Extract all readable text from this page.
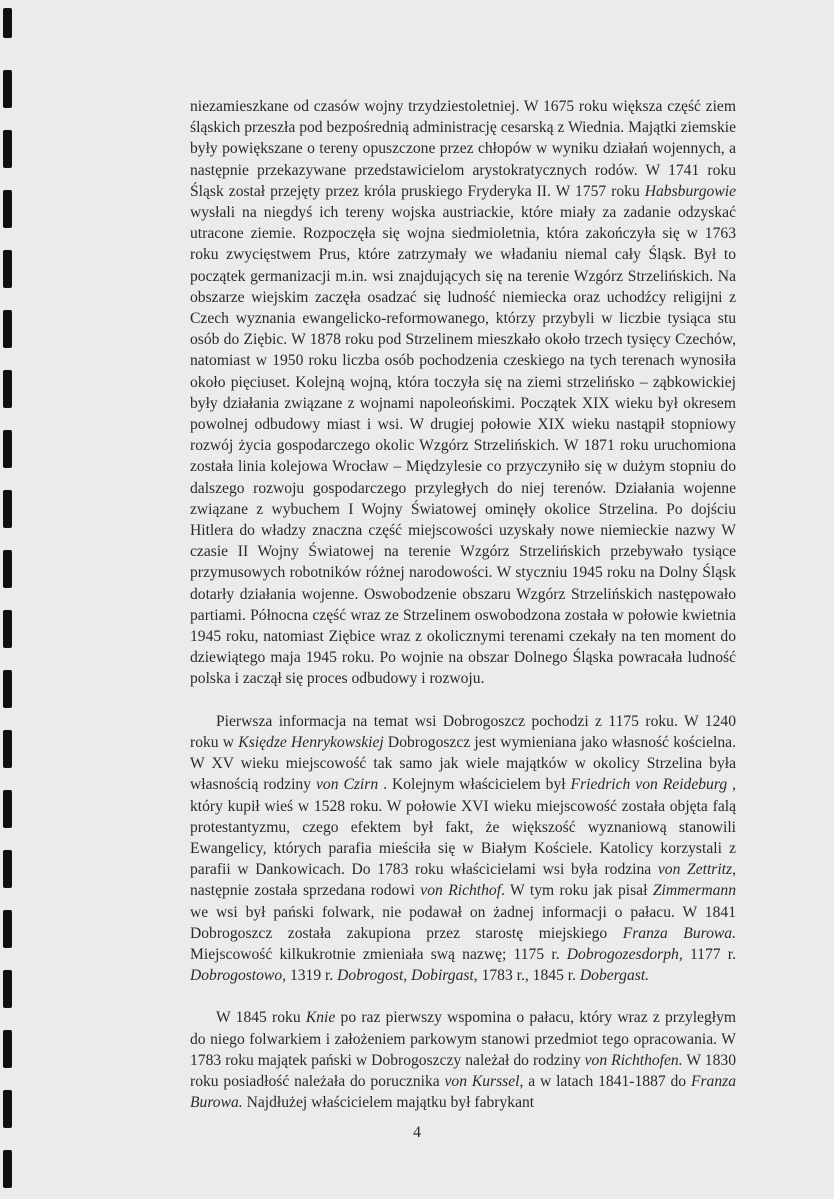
niezamieszkane od czasów wojny trzydziestoletniej. W 1675 roku większa część ziem śląskich przeszła pod bezpośrednią administrację cesarską z Wiednia. Majątki ziemskie były powiększane o tereny opuszczone przez chłopów w wyniku działań wojennych, a następnie przekazywane przedstawicielom arystokratycznych rodów. W 1741 roku Śląsk został przejęty przez króla pruskiego Fryderyka II. W 1757 roku Habsburgowie wysłali na niegdyś ich tereny wojska austriackie, które miały za zadanie odzyskać utracone ziemie. Rozpoczęła się wojna siedmioletnia, która zakończyła się w 1763 roku zwycięstwem Prus, które zatrzymały we władaniu niemal cały Śląsk. Był to początek germanizacji m.in. wsi znajdujących się na terenie Wzgórz Strzelińskich. Na obszarze wiejskim zaczęła osadzać się ludność niemiecka oraz uchodźcy religijni z Czech wyznania ewangelicko-reformowanego, którzy przybyli w liczbie tysiąca stu osób do Ziębic. W 1878 roku pod Strzelinem mieszkało około trzech tysięcy Czechów, natomiast w 1950 roku liczba osób pochodzenia czeskiego na tych terenach wynosiła około pięciuset. Kolejną wojną, która toczyła się na ziemi strzelińsko – ząbkowickiej były działania związane z wojnami napoleońskimi. Początek XIX wieku był okresem powolnej odbudowy miast i wsi. W drugiej połowie XIX wieku nastąpił stopniowy rozwój życia gospodarczego okolic Wzgórz Strzelińskich. W 1871 roku uruchomiona została linia kolejowa Wrocław – Międzylesie co przyczyniło się w dużym stopniu do dalszego rozwoju gospodarczego przyległych do niej terenów. Działania wojenne związane z wybuchem I Wojny Światowej ominęły okolice Strzelina. Po dojściu Hitlera do władzy znaczna część miejscowości uzyskały nowe niemieckie nazwy W czasie II Wojny Światowej na terenie Wzgórz Strzelińskich przebywało tysiące przymusowych robotników różnej narodowości. W styczniu 1945 roku na Dolny Śląsk dotarły działania wojenne. Oswobodzenie obszaru Wzgórz Strzelińskich następowało partiami. Północna część wraz ze Strzelinem oswobodzona została w połowie kwietnia 1945 roku, natomiast Ziębice wraz z okolicznymi terenami czekały na ten moment do dziewiątego maja 1945 roku. Po wojnie na obszar Dolnego Śląska powracała ludność polska i zaczął się proces odbudowy i rozwoju.

Pierwsza informacja na temat wsi Dobrogoszcz pochodzi z 1175 roku. W 1240 roku w Księdze Henrykowskiej Dobrogoszcz jest wymieniana jako własność kościelna. W XV wieku miejscowość tak samo jak wiele majątków w okolicy Strzelina była własnością rodziny von Czirn . Kolejnym właścicielem był Friedrich von Reideburg , który kupił wieś w 1528 roku. W połowie XVI wieku miejscowość została objęta falą protestantyzmu, czego efektem był fakt, że większość wyznaniową stanowili Ewangelicy, których parafia mieściła się w Białym Kościele. Katolicy korzystali z parafii w Dankowicach. Do 1783 roku właścicielami wsi była rodzina von Zettritz, następnie została sprzedana rodowi von Richthof. W tym roku jak pisał Zimmermann we wsi był pański folwark, nie podawał on żadnej informacji o pałacu. W 1841 Dobrogoszcz została zakupiona przez starostę miejskiego Franza Burowa. Miejscowość kilkukrotnie zmieniała swą nazwę; 1175 r. Dobrogozesdorph, 1177 r. Dobrogostowo, 1319 r. Dobrogost, Dobirgast, 1783 r., 1845 r. Dobergast.

W 1845 roku Knie po raz pierwszy wspomina o pałacu, który wraz z przyległym do niego folwarkiem i założeniem parkowym stanowi przedmiot tego opracowania. W 1783 roku majątek pański w Dobrogoszczy należał do rodziny von Richthofen. W 1830 roku posiadłość należała do porucznika von Kurssel, a w latach 1841-1887 do Franza Burowa. Najdłużej właścicielem majątku był fabrykant

4
